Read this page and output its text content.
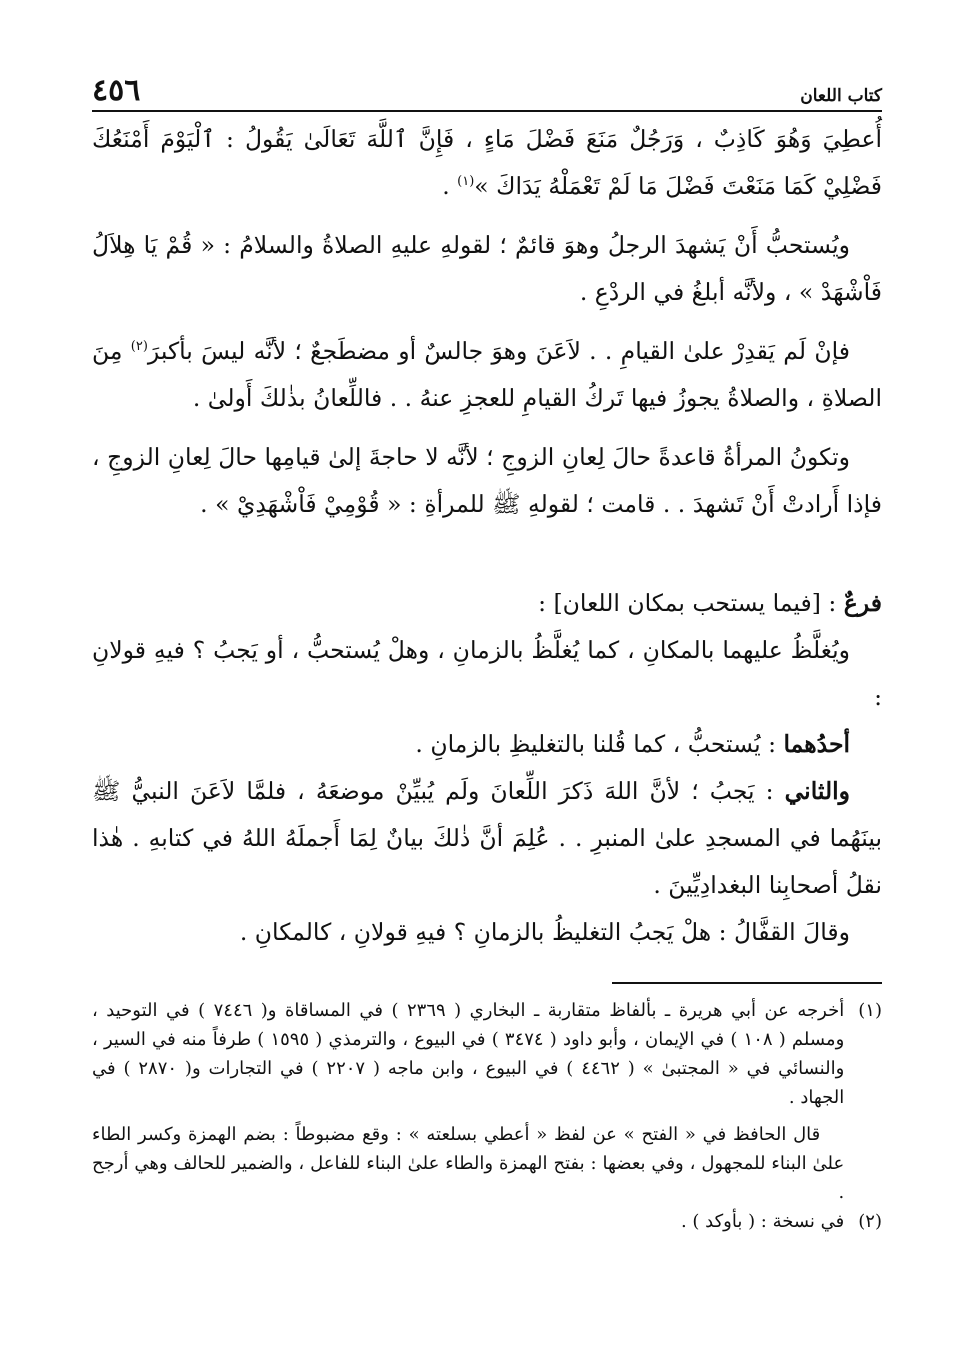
كتاب اللعان
٤٥٦

أُعطِيَ وَهُوَ كَاذِبٌ ، وَرَجُلٌ مَنَعَ فَضْلَ مَاءٍ ، فَإِنَّ ٱللَّهَ تَعَالَىٰ يَقُولُ : ٱلْيَوْمَ أَمْنَعُكَ فَضْلِيْ كَمَا مَنَعْتَ فَضْلَ مَا لَمْ تَعْمَلْهُ يَدَاكَ »$^{(١)}$ .

ويُستحبُّ أَنْ يَشهدَ الرجلُ وهوَ قائمٌ ؛ لقولهِ عليهِ الصلاةُ والسلامُ : « قُمْ يَا هِلاَلُ فَاْشْهَدْ » ، ولأنَّه أبلغُ في الردْعِ .

فإنْ لَم يَقدِرْ علىٰ القيامِ . . لاَعَنَ وهوَ جالسٌ أو مضطَجعٌ ؛ لأنَّه ليسَ بأكبرَ$^{(٢)}$ مِنَ الصلاةِ ، والصلاةُ يجوزُ فيها تَركُ القيامِ للعجزِ عنهُ . . فاللِّعانُ بذٰلكَ أَولىٰ .

وتكونُ المرأةُ قاعدةً حالَ لِعانِ الزوجِ ؛ لأنَّه لا حاجةَ إلىٰ قيامِها حالَ لِعانِ الزوجِ ، فإذا أَرادتْ أَنْ تَشهدَ . . قامت ؛ لقولهِ ﷺ للمرأةِ : « قُوْمِيْ فَاْشْهَدِيْ » .

فرعٌ : [فيما يستحب بمكان اللعان] :

ويُغلَّظُ عليهما بالمكانِ ، كما يُغلَّظُ بالزمانِ ، وهلْ يُستحبُّ ، أو يَجبُ ؟ فيهِ قولانِ :

أحدُهما : يُستحبُّ ، كما قُلنا بالتغليظِ بالزمانِ .

والثاني : يَجبُ ؛ لأنَّ اللهَ ذَكرَ اللِّعانَ ولَم يُبيِّنْ موضعَهُ ، فلمَّا لاَعَنَ النبيُّ ﷺ بينَهُما في المسجدِ علىٰ المنبرِ . . عُلِمَ أنَّ ذٰلكَ بيانٌ لِمَا أَجملَهُ اللهُ في كتابهِ . هٰذا نقلُ أصحابِنا البغدادِيِّينَ .

وقالَ القفَّالُ : هلْ يَجبُ التغليظُ بالزمانِ ؟ فيهِ قولانِ ، كالمكانِ .

(١)

أخرجه عن أبي هريرة ـ بألفاظ متقاربة ـ البخاري ( ٢٣٦٩ ) في المساقاة و( ٧٤٤٦ ) في التوحيد ، ومسلم ( ١٠٨ ) في الإيمان ، وأبو داود ( ٣٤٧٤ ) في البيوع ، والترمذي ( ١٥٩٥ ) طرفاً منه في السير ، والنسائي في « المجتبىٰ » ( ٤٤٦٢ ) في البيوع ، وابن ماجه ( ٢٢٠٧ ) في التجارات و( ٢٨٧٠ ) في الجهاد .

قال الحافظ في « الفتح » عن لفظ « أعطي بسلعته » : وقع مضبوطاً : بضم الهمزة وكسر الطاء علىٰ البناء للمجهول ، وفي بعضها : بفتح الهمزة والطاء علىٰ البناء للفاعل ، والضمير للحالف وهي أرجح .

(٢)

في نسخة : ( بأوكد ) .
